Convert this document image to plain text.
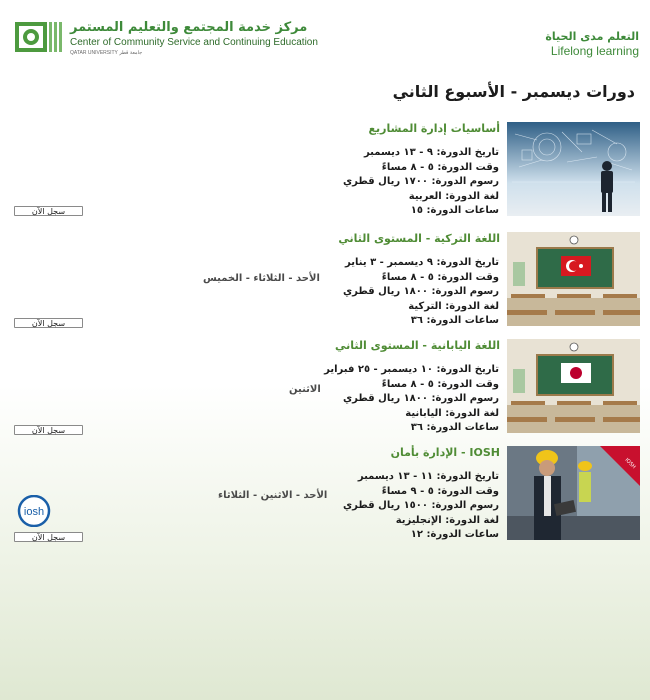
مركز خدمة المجتمع والتعليم المستمر
Center of Community Service and Continuing Education
QATAR UNIVERSITY جامعة قطر
التعلم مدى الحياة
Lifelong learning
دورات ديسمبر - الأسبوع الثاني
أساسيات إدارة المشاريع
تاريخ الدورة: ٩ - ١٣ ديسمبر
وقت الدورة: ٥ - ٨ مساءً
رسوم الدورة: ١٧٠٠ ريال قطري
لغة الدورة: العربية
ساعات الدورة: ١٥
سجل الآن
اللغة التركية - المستوى الثاني
تاريخ الدورة: ٩ ديسمبر - ٣ يناير
وقت الدورة: ٥ - ٨ مساءً
رسوم الدورة: ١٨٠٠ ريال قطري
لغة الدورة: التركية
ساعات الدورة: ٣٦
الأحد - الثلاثاء - الخميس
سجل الآن
اللغة اليابانية - المستوى الثاني
تاريخ الدورة: ١٠ ديسمبر - ٢٥ فبراير
وقت الدورة: ٥ - ٨ مساءً
رسوم الدورة: ١٨٠٠ ريال قطري
لغة الدورة: اليابانية
ساعات الدورة: ٣٦
الاثنين
سجل الآن
IOSH
IOSH - الإدارة بأمان
تاريخ الدورة: ١١ - ١٣ ديسمبر
وقت الدورة: ٥ - ٩ مساءً
رسوم الدورة: ١٥٠٠ ريال قطري
لغة الدورة: الإنجليزية
ساعات الدورة: ١٢
الأحد - الاثنين - الثلاثاء
iosh
سجل الآن
